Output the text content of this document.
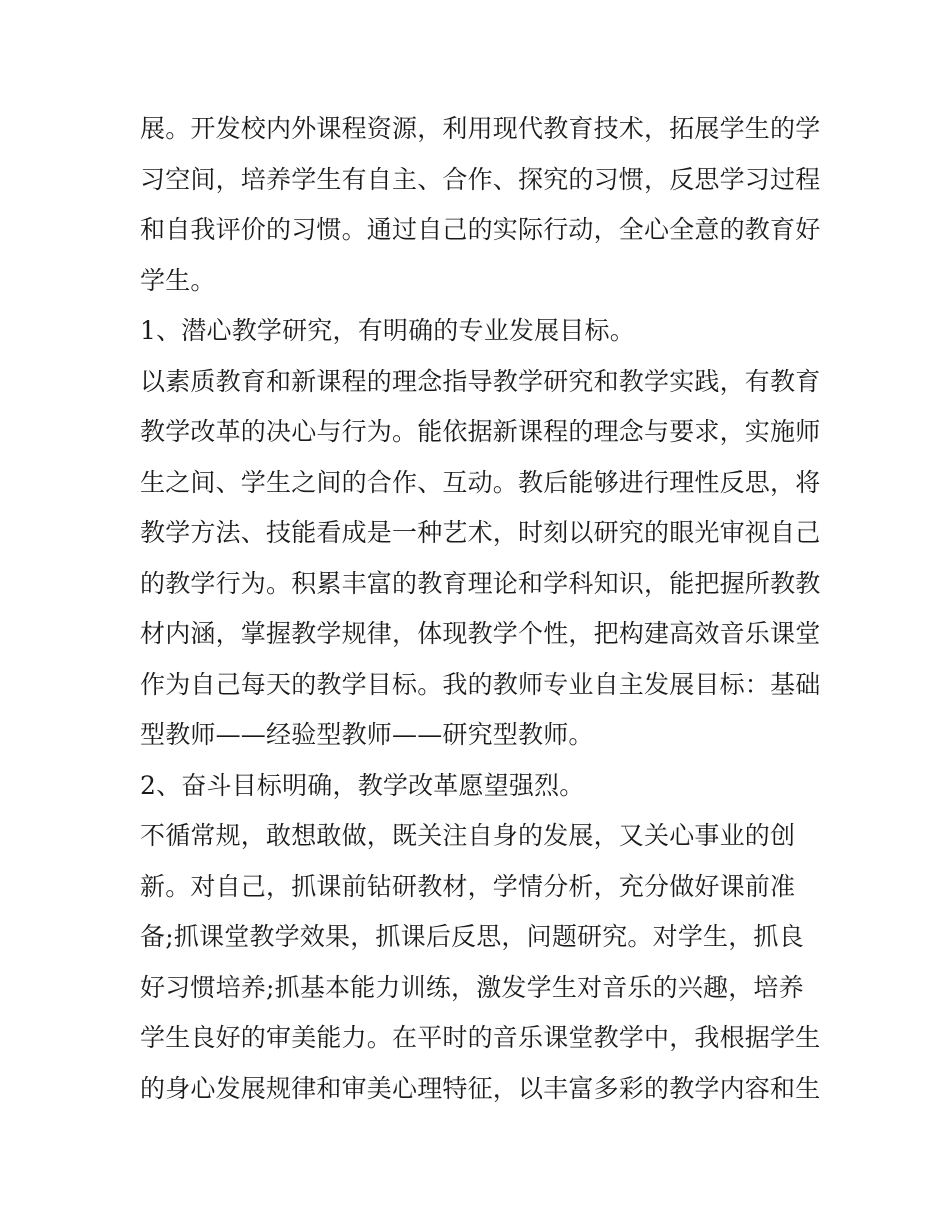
展。开发校内外课程资源，利用现代教育技术，拓展学生的学
习空间，培养学生有自主、合作、探究的习惯，反思学习过程
和自我评价的习惯。通过自己的实际行动，全心全意的教育好
学生。
1、潜心教学研究，有明确的专业发展目标。
以素质教育和新课程的理念指导教学研究和教学实践，有教育
教学改革的决心与行为。能依据新课程的理念与要求，实施师
生之间、学生之间的合作、互动。教后能够进行理性反思，将
教学方法、技能看成是一种艺术，时刻以研究的眼光审视自己
的教学行为。积累丰富的教育理论和学科知识，能把握所教教
材内涵，掌握教学规律，体现教学个性，把构建高效音乐课堂
作为自己每天的教学目标。我的教师专业自主发展目标：基础
型教师——经验型教师——研究型教师。
2、奋斗目标明确，教学改革愿望强烈。
不循常规，敢想敢做，既关注自身的发展，又关心事业的创
新。对自己，抓课前钻研教材，学情分析，充分做好课前准
备;抓课堂教学效果，抓课后反思，问题研究。对学生，抓良
好习惯培养;抓基本能力训练，激发学生对音乐的兴趣，培养
学生良好的审美能力。在平时的音乐课堂教学中，我根据学生
的身心发展规律和审美心理特征，以丰富多彩的教学内容和生
